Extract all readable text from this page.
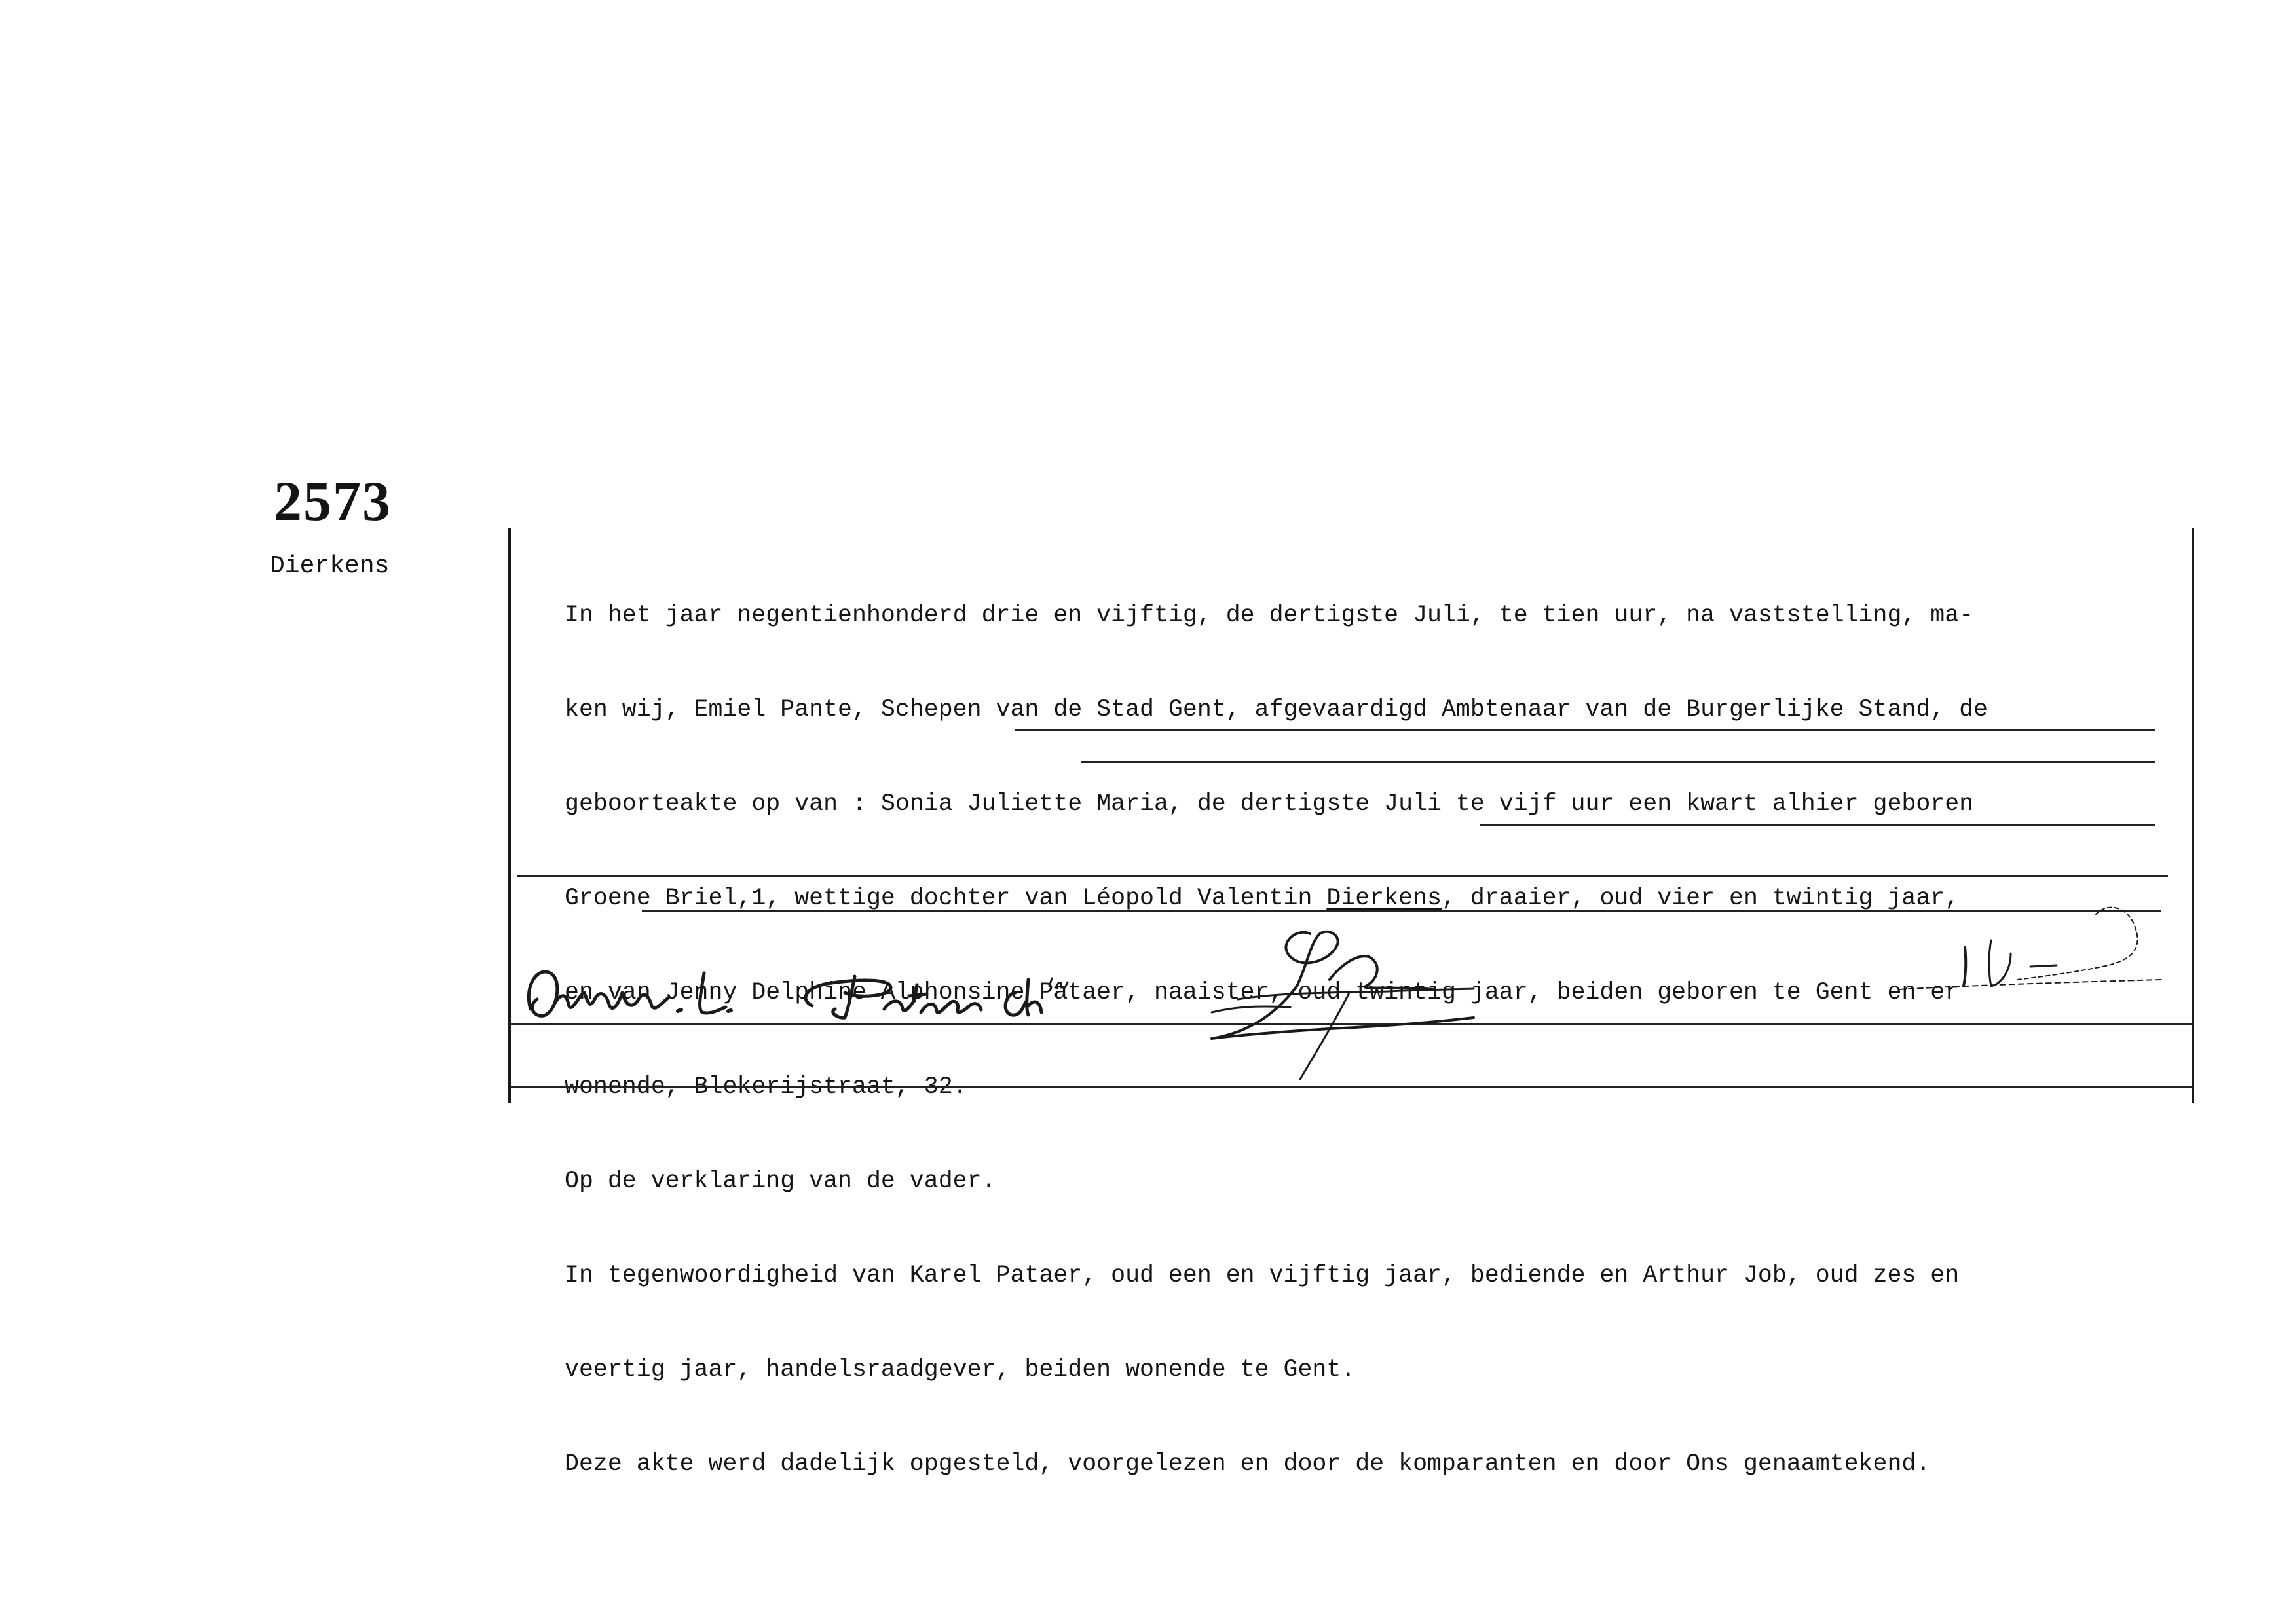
2573
Dierkens

In het jaar negentienhonderd drie en vijftig, de dertigste Juli, te tien uur, na vaststelling, ma-

ken wij, Emiel Pante, Schepen van de Stad Gent, afgevaardigd Ambtenaar van de Burgerlijke Stand, de

geboorteakte op van : Sonia Juliette Maria, de dertigste Juli te vijf uur een kwart alhier geboren

Groene Briel,1, wettige dochter van Léopold Valentin Dierkens, draaier, oud vier en twintig jaar,

en van Jenny Delphine Alphonsine Pataer, naaister, oud twintig jaar, beiden geboren te Gent en er

wonende, Blekerijstraat, 32.

Op de verklaring van de vader.

In tegenwoordigheid van Karel Pataer, oud een en vijftig jaar, bediende en Arthur Job, oud zes en

veertig jaar, handelsraadgever, beiden wonende te Gent.

Deze akte werd dadelijk opgesteld, voorgelezen en door de komparanten en door Ons genaamtekend.
